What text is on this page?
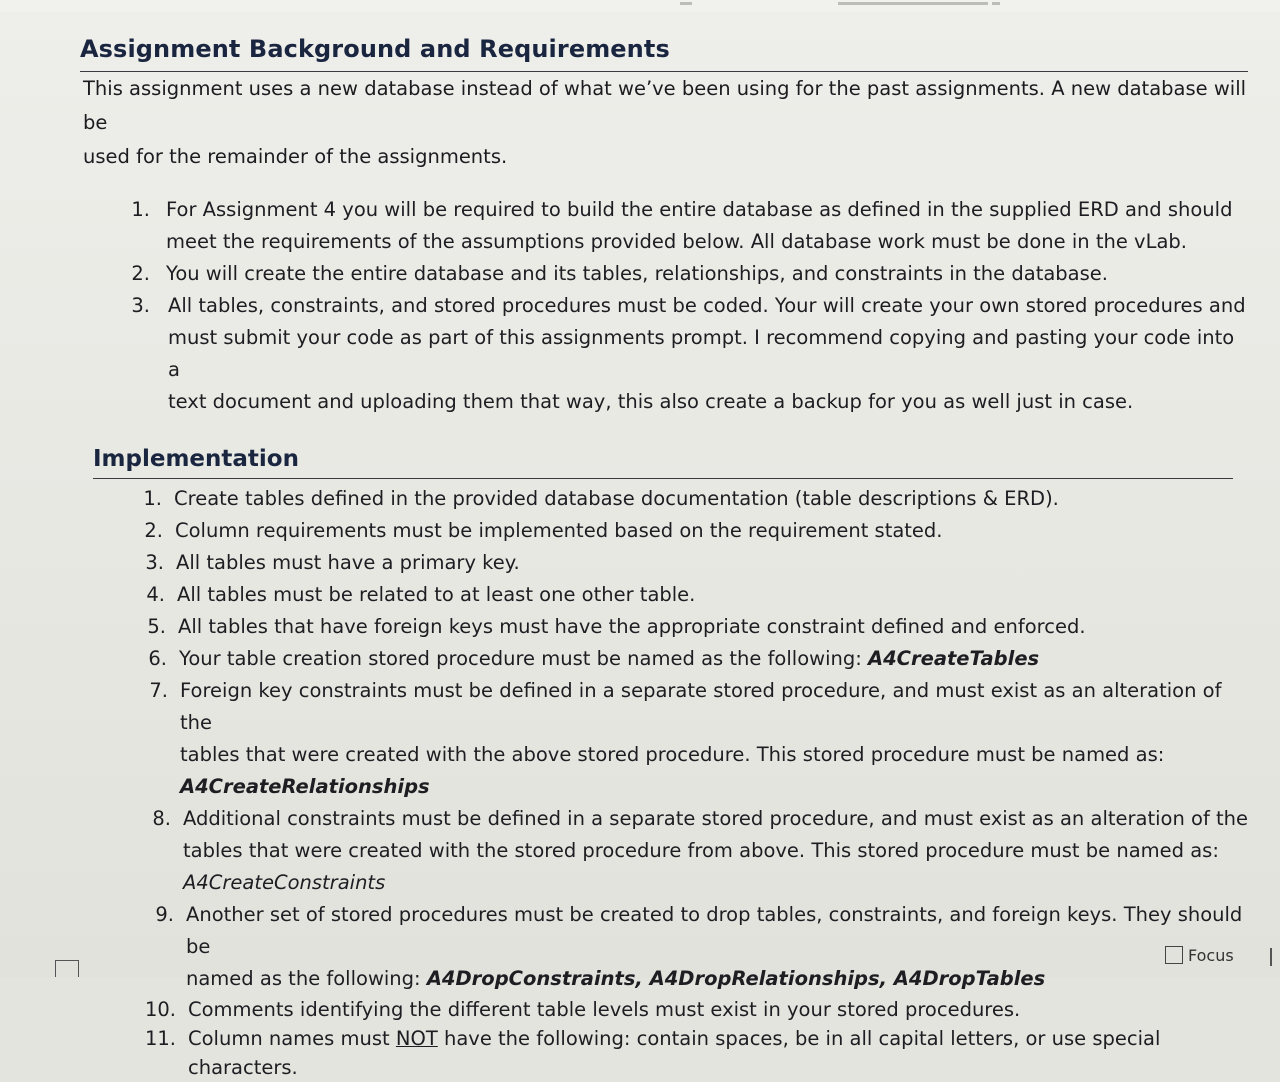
Assignment Background and Requirements

This assignment uses a new database instead of what we’ve been using for the past assignments. A new database will be
used for the remainder of the assignments.

1. For Assignment 4 you will be required to build the entire database as defined in the supplied ERD and should
meet the requirements of the assumptions provided below. All database work must be done in the vLab.
2. You will create the entire database and its tables, relationships, and constraints in the database.
3. All tables, constraints, and stored procedures must be coded. Your will create your own stored procedures and
must submit your code as part of this assignments prompt. I recommend copying and pasting your code into a
text document and uploading them that way, this also create a backup for you as well just in case.
Implementation
1. Create tables defined in the provided database documentation (table descriptions & ERD).
2. Column requirements must be implemented based on the requirement stated.
3. All tables must have a primary key.
4. All tables must be related to at least one other table.
5. All tables that have foreign keys must have the appropriate constraint defined and enforced.
6. Your table creation stored procedure must be named as the following: A4CreateTables
7. Foreign key constraints must be defined in a separate stored procedure, and must exist as an alteration of the
tables that were created with the above stored procedure. This stored procedure must be named as:
A4CreateRelationships
8. Additional constraints must be defined in a separate stored procedure, and must exist as an alteration of the
tables that were created with the stored procedure from above. This stored procedure must be named as:
A4CreateConstraints
9. Another set of stored procedures must be created to drop tables, constraints, and foreign keys. They should be
named as the following: A4DropConstraints, A4DropRelationships, A4DropTables
10. Comments identifying the different table levels must exist in your stored procedures.
11. Column names must NOT have the following: contain spaces, be in all capital letters, or use special characters.
Focus
